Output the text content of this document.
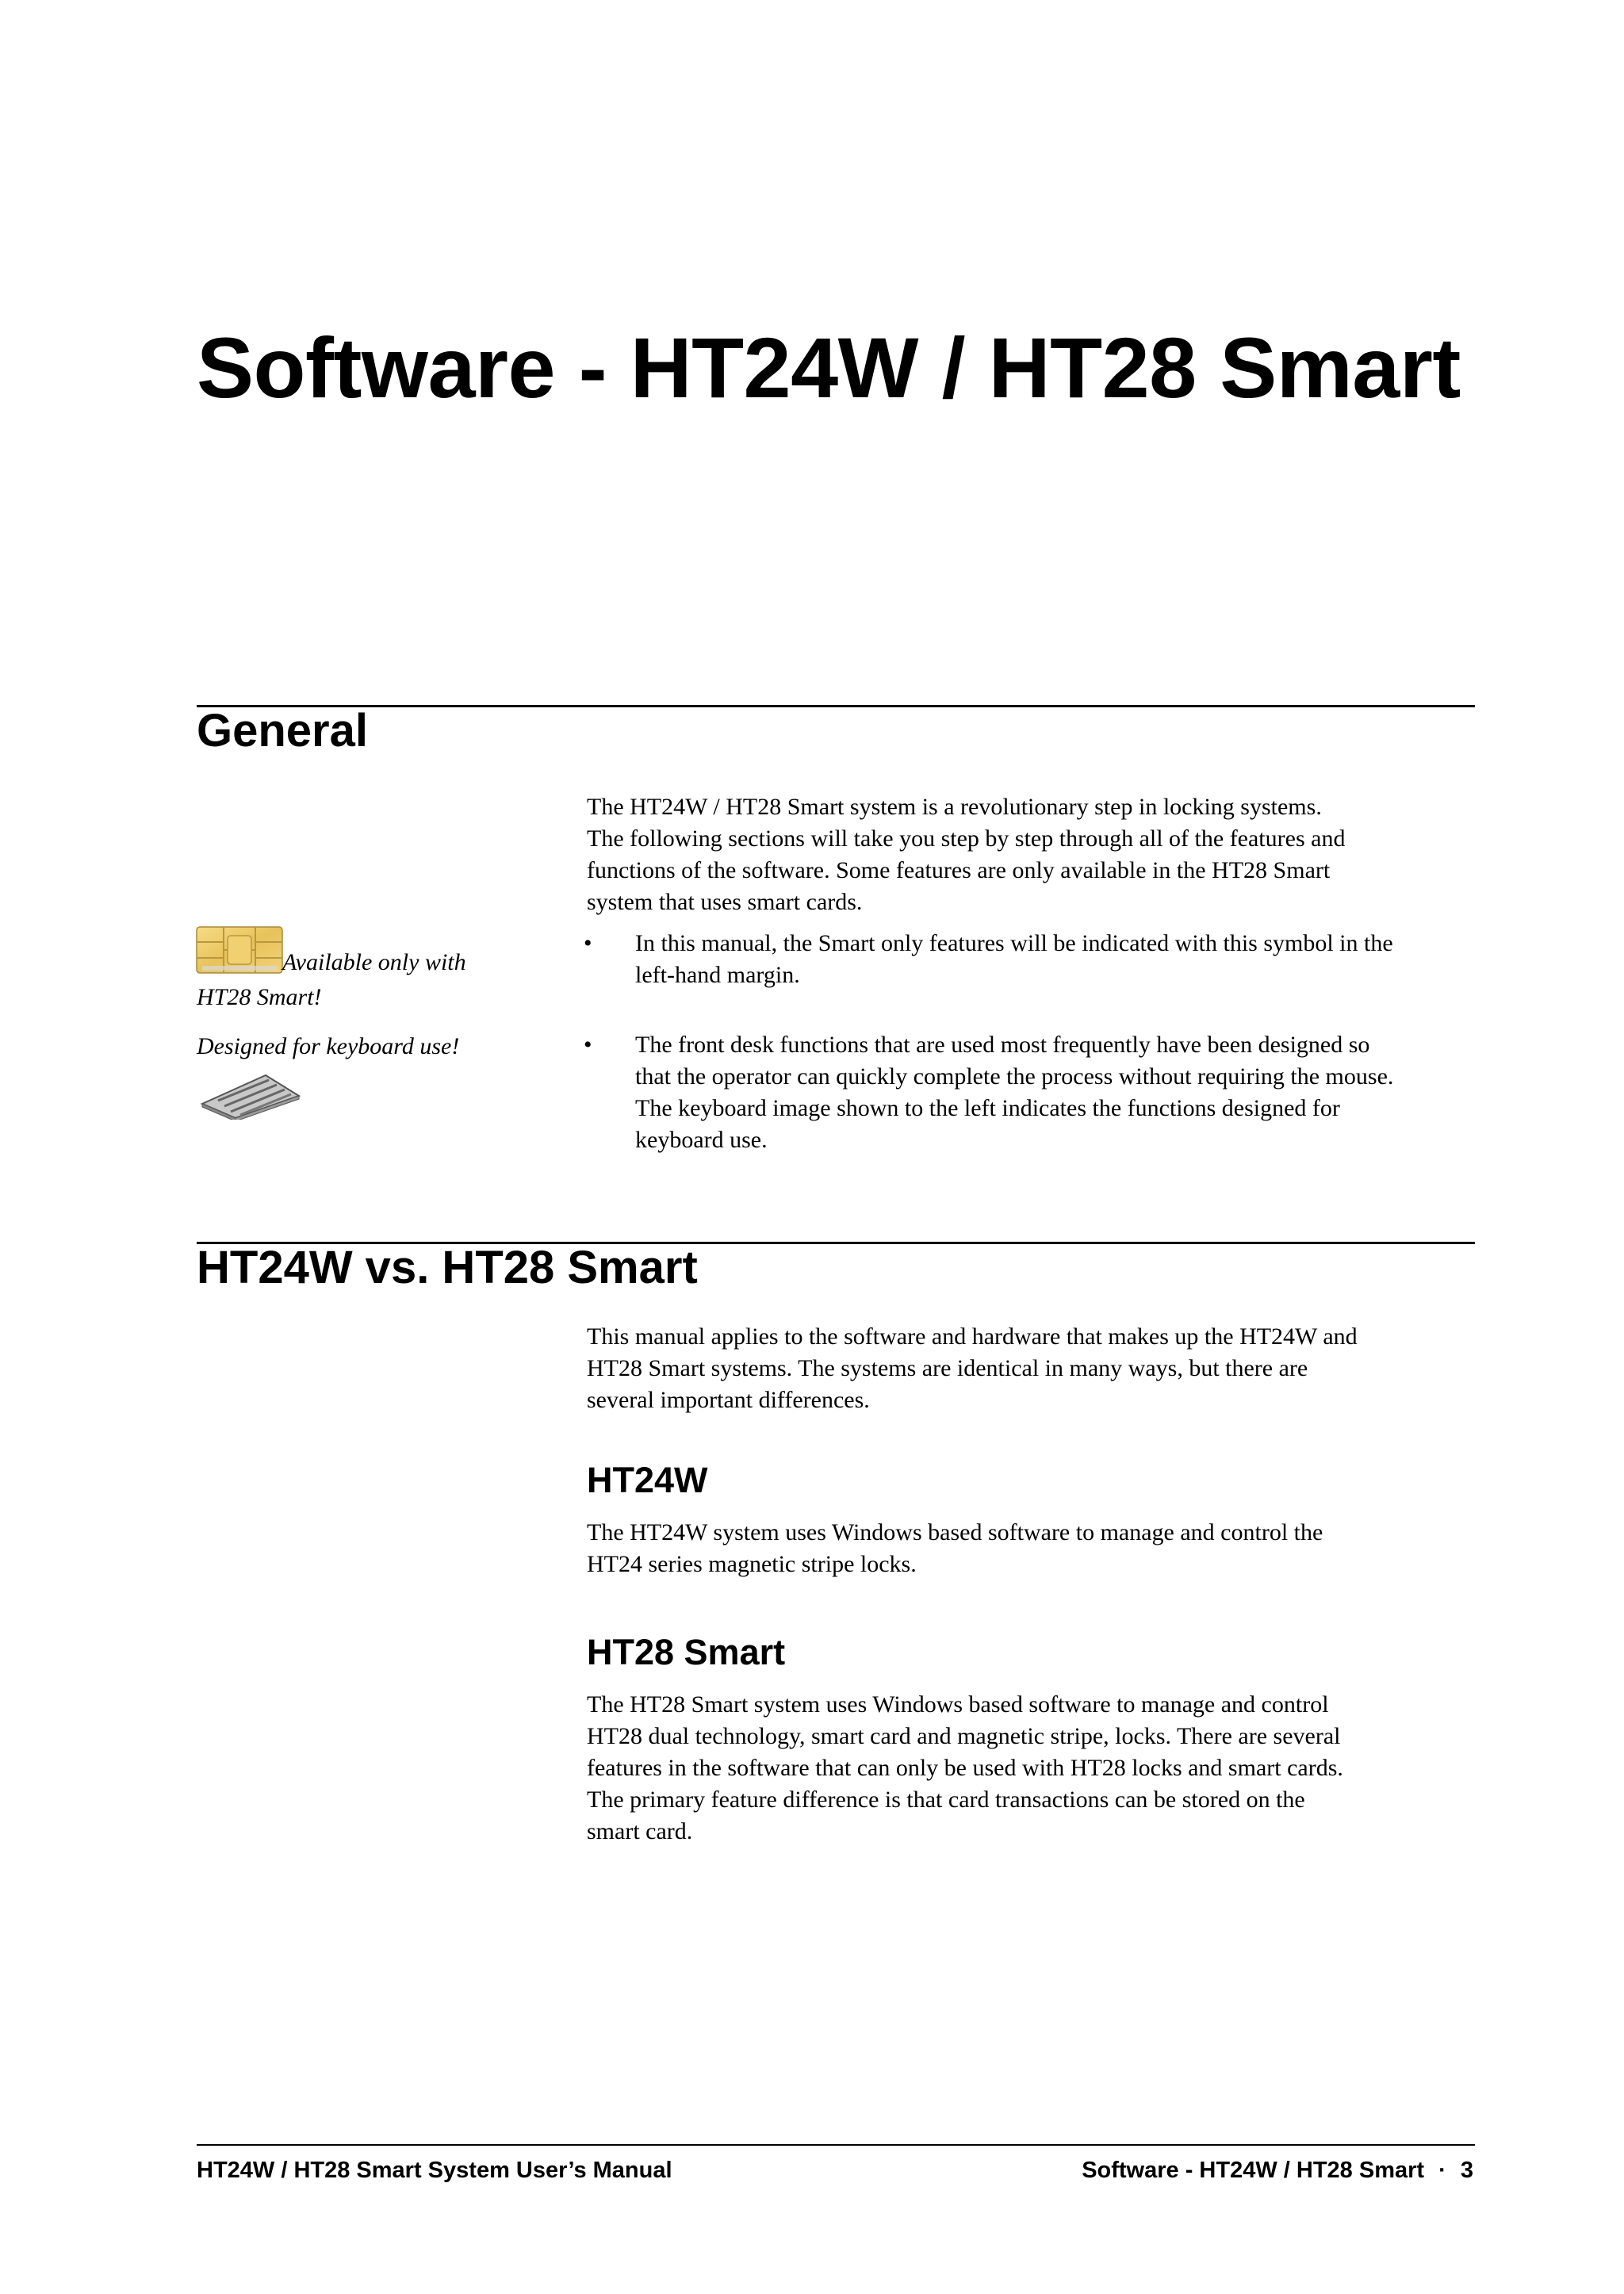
Software - HT24W / HT28 Smart
General

The HT24W / HT28 Smart system is a revolutionary step in locking systems.
The following sections will take you step by step through all of the features and
functions of the software. Some features are only available in the HT28 Smart
system that uses smart cards.

Available only with
HT28 Smart!
• In this manual, the Smart only features will be indicated with this symbol in the
left-hand margin.

Designed for keyboard use!	• The front desk functions that are used most frequently have been designed so
that the operator can quickly complete the process without requiring the mouse.
The keyboard image shown to the left indicates the functions designed for
keyboard use.

HT24W vs. HT28 Smart

This manual applies to the software and hardware that makes up the HT24W and
HT28 Smart systems. The systems are identical in many ways, but there are
several important differences.

HT24W

The HT24W system uses Windows based software to manage and control the
HT24 series magnetic stripe locks.

HT28 Smart

The HT28 Smart system uses Windows based software to manage and control
HT28 dual technology, smart card and magnetic stripe, locks. There are several
features in the software that can only be used with HT28 locks and smart cards.
The primary feature difference is that card transactions can be stored on the
smart card.

HT24W / HT28 Smart System User’s Manual	Software - HT24W / HT28 Smart · 3
